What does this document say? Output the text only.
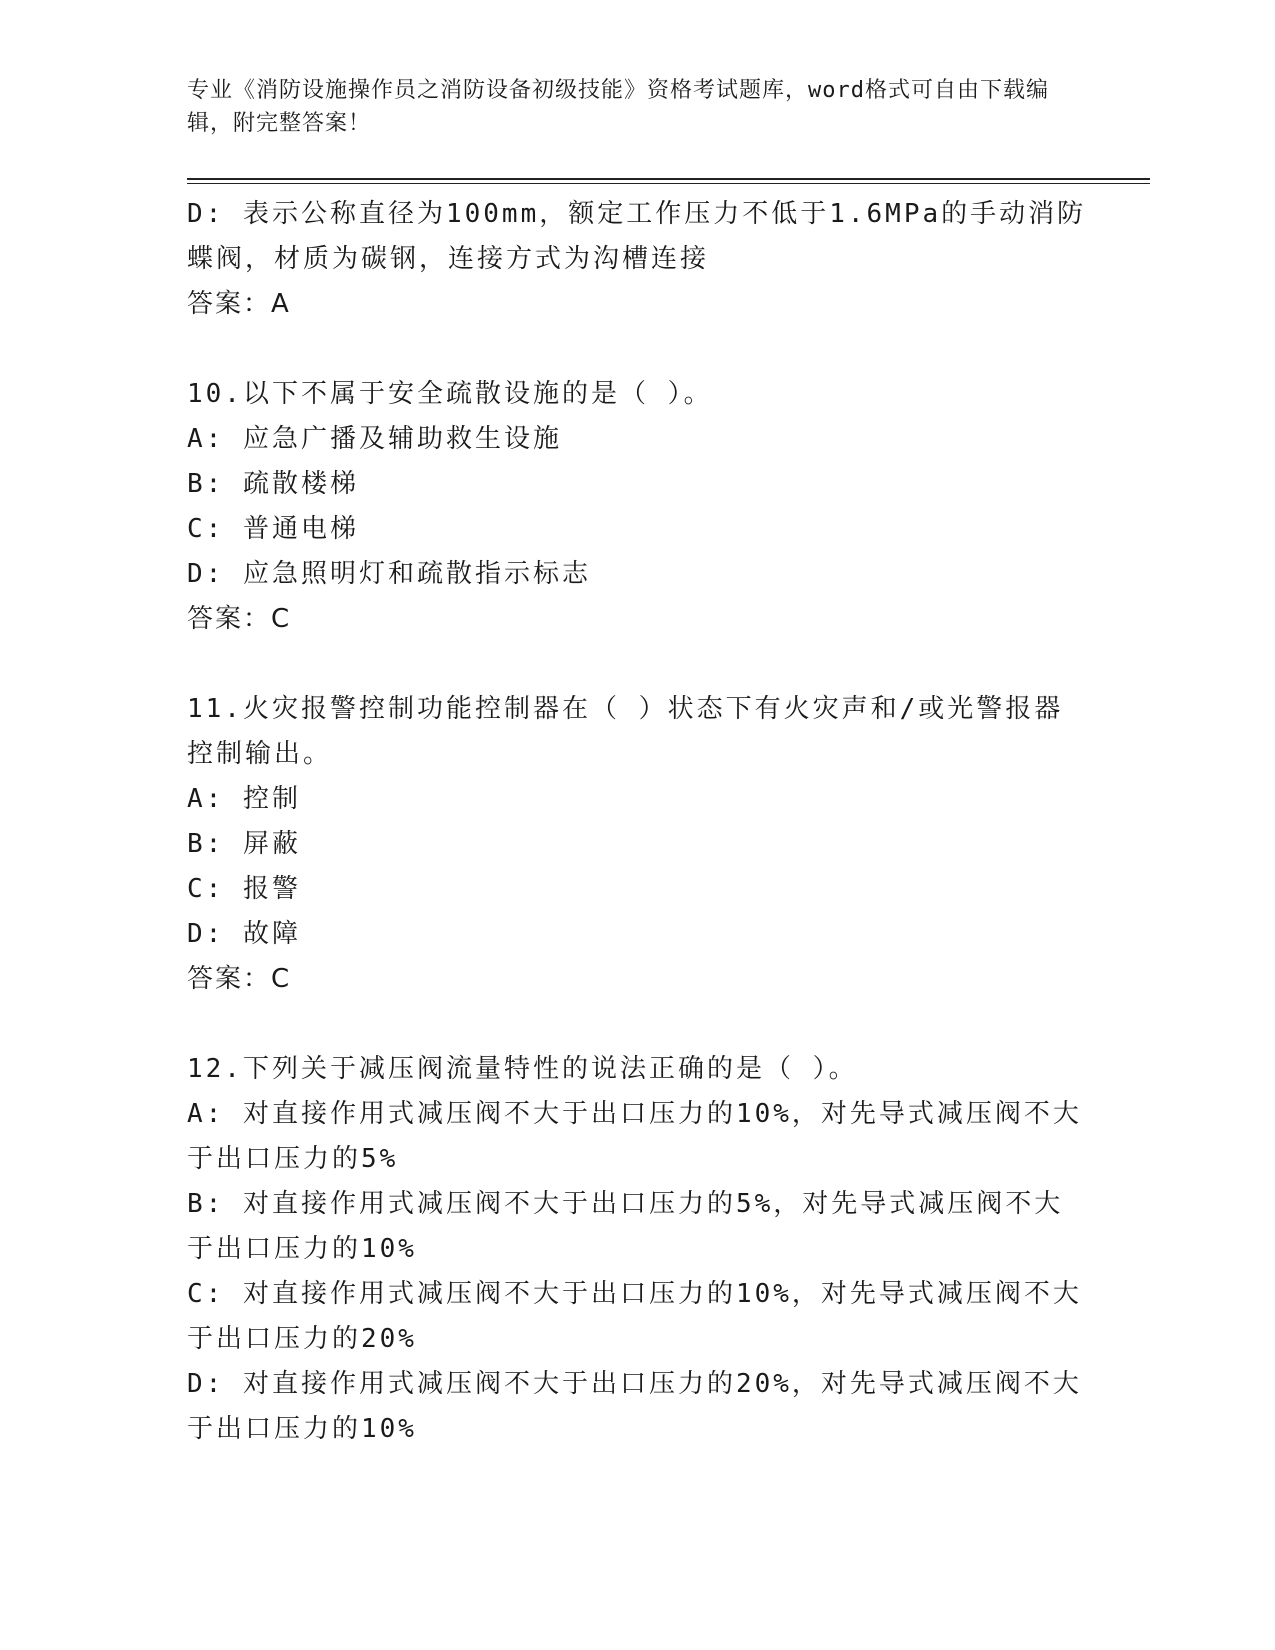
专业《消防设施操作员之消防设备初级技能》资格考试题库，word格式可自由下载编辑，附完整答案！
D: 表示公称直径为100mm，额定工作压力不低于1.6MPa的手动消防蝶阀，材质为碳钢，连接方式为沟槽连接
答案：A
10.以下不属于安全疏散设施的是（ ）。
A: 应急广播及辅助救生设施
B: 疏散楼梯
C: 普通电梯
D: 应急照明灯和疏散指示标志
答案：C
11.火灾报警控制功能控制器在（ ）状态下有火灾声和/或光警报器控制输出。
A: 控制
B: 屏蔽
C: 报警
D: 故障
答案：C
12.下列关于减压阀流量特性的说法正确的是（ ）。
A: 对直接作用式减压阀不大于出口压力的10%，对先导式减压阀不大于出口压力的5%
B: 对直接作用式减压阀不大于出口压力的5%，对先导式减压阀不大于出口压力的10%
C: 对直接作用式减压阀不大于出口压力的10%，对先导式减压阀不大于出口压力的20%
D: 对直接作用式减压阀不大于出口压力的20%，对先导式减压阀不大于出口压力的10%
